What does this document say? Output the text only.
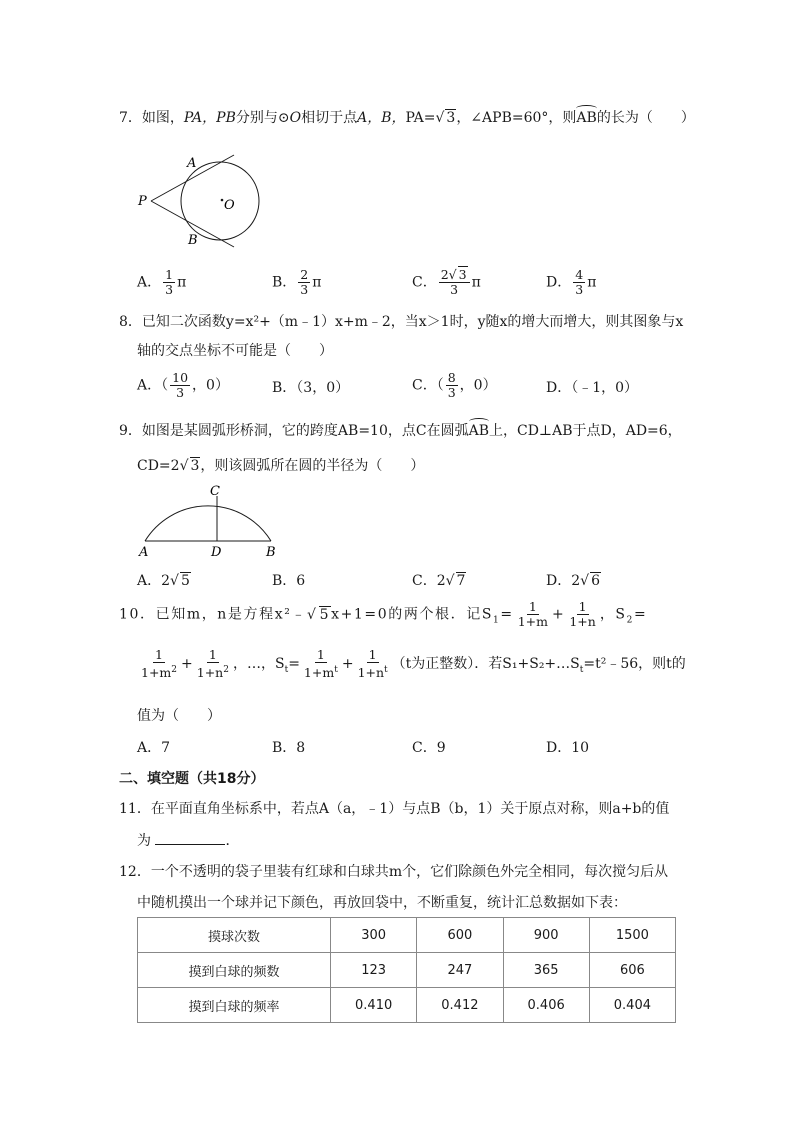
7．如图，PA，PB分别与⊙O相切于点A，B，PA=√ 3，∠APB=60°，则AB的长为（　　）
A
P	O
B
A． $\frac{1}{3}$ π	B． $\frac{2}{3}$ π	C． $\frac{2√ 3}{3}$ π	D． $\frac{4}{3}$ π
8．已知二次函数y=x²+（m﹣1）x+m﹣2，当x＞1时，y随x的增大而增大，则其图象与x
轴的交点坐标不可能是（　　）
A．（ $\frac{10}{3}$ ，0）	B．（3，0）	C．（ $\frac{8}{3}$ ，0）	D．（﹣1，0）
9．如图是某圆弧形桥洞，它的跨度AB=10，点C在圆弧AB上，CD⊥AB于点D，AD=6，
CD=2√ 3，则该圆弧所在圆的半径为（　　）
C
A	D	B
A．2√ 5	B．6	C．2√ 7	D．2√ 6
10．已知m，n是方程x²﹣√ 5x+1=0的两个根．记$S_1= \frac{1}{1+m} + \frac{1}{1+n}$ ，$S_2=$
$\frac{1}{1+m^2} + \frac{1}{1+n^2}$ ，…，$S_t= \frac{1}{1+m^t} + \frac{1}{1+n^t} (t$为正整数）．若$S_1+S_2+\dots S_t=t^2﹣56$，则t的
值为（　　）
A．7	B．8	C．9	D．10
二、填空题（共18分）
11．在平面直角坐标系中，若点A（a，﹣1）与点B（b，1）关于原点对称，则a+b的值
为	．
12．一个不透明的袋子里装有红球和白球共m个，它们除颜色外完全相同，每次搅匀后从
中随机摸出一个球并记下颜色，再放回袋中，不断重复，统计汇总数据如下表：
摸球次数	300	600	900	1500
摸到白球的频数	123	247	365	606
摸到白球的频率	0.410	0.412	0.406	0.404
